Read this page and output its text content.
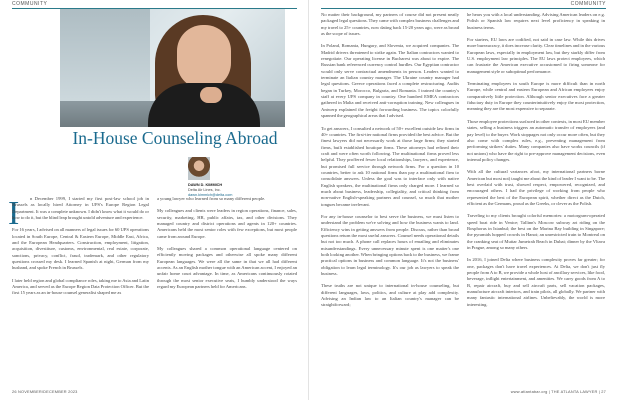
COMMUNITY
In-House Counseling Abroad
DAWN D. KIMMICH
Delta Air Lines, Inc.
dawn.kimmich@delta.com
I	n December 1999, I started my first post-law school job in Brussels as locally hired Attorney in UPS's Europe Region Legal Department. It was a complete unknown. I didn't know what it would do or how to do it, but the blind leap brought untold adventure and experience.

For 16 years, I advised on all manners of legal issues for 60 UPS operations located in South Europe, Central & Eastern Europe, Middle East, Africa, and the European Headquarters. Construction, employment, litigation, acquisition, divestiture, customs, environmental, real estate, corporate, sanctions, privacy, conflict, fraud, trademark, and other regulatory questions crossed my desk. I learned Spanish at night, German from my husband, and spoke French in Brussels.

I later held region and global compliance roles, taking me to Asia and Latin America, and served as the Europe Region Data Protection Officer. But the first 15 years as an in-house counsel generalist shaped me as

a young lawyer who learned from so many different people.

My colleagues and clients were leaders in region operations, finance, sales, security, marketing, HR, public affairs, tax, and other divisions. They managed country and district operations and agents in 120+ countries. Americans held the most senior roles with few exceptions, but most people came from around Europe.

My colleagues shared a common operational language centered on efficiently moving packages and otherwise all spoke many different European languages. We were all the same in that we all had different accents. As an English mother tongue with an American accent, I enjoyed an unfair home court advantage. In time, as Americans continuously rotated through the most senior executive seats, I humbly understood the ways regard my European partners held for Americans.

26 NOVEMBER/DECEMBER 2023
COMMUNITY

No matter their background, my partners of course did not present neatly packaged legal questions. They came with complex business challenges and my travel to 25+ countries, now dating back 15-20 years ago, were as broad as the scope of issues.

In Poland, Romania, Hungary, and Slovenia, we acquired companies. The Madrid drivers threatened to strike again. The Italian contractors wanted to renegotiate. Our operating license in Bucharest was about to expire. The Russian bank referenced currency control hurdles. Our Egyptian contractor would only serve contractual amendments in person. Leaders wanted to terminate an Italian country manager. The Ukraine country manager had legal questions. Greece operations faced a complete restructuring. Audits began in Turkey, Morocco, Bulgaria, and Romania. I trained the country's staff at every UPS company in country. One hundred EMEA contractors gathered in Malta and received anti-corruption training. New colleagues in Antwerp explained the freight forwarding business. The topics colorfully spanned the geographical areas that I advised.

To get answers, I consulted a network of 50+ excellent outside law firms in 40+ countries. The first-tier national firms provided the best advice. But the finest lawyers did not necessarily work at those large firms; they started firms, built established boutique firms. These attorneys had refined their craft and were often worth following. The multinational firms proved less helpful. They proffered fewer local relationships, lawyers, and experience, but promised full service through network firms. For a question in 10 countries, better to ask 10 national firms than pay a multinational firm to consolidate answers. Unless the goal was to interface only with native English speakers, the multinational firms only charged more. I learned so much about business, leadership, collegiality, and critical thinking from non-native English-speaking partners and counsel, so much that mother tongues became irrelevant.

For any in-house counselor to best serve the business, we must listen to understand the problem we're solving and how the business wants to land. Efficiency wins in getting answers from people. Discuss, rather than broad questions return the most useful answers. Counsel needs operational details but not too much. A phone call replaces hours of emailing and eliminates misunderstandings. Every unnecessary minute spent is one matter's one both looking another. When bringing options back to the business, we frame practical options in business and common language. It's not the business' obligation to learn legal terminology. It's our job as lawyers to speak the business.

These truths are not unique to international in-house counseling, but different languages, laws, politics, and culture at play add complexity. Advising an Indian law to an Italian country's manager can be straightforward;

he hears you with a local understanding. Advising American leaders on e.g. Polish or Spanish law requires next level proficiency in speaking in business terms.

For starters, EU laws are codified, not said in case law. While this drives more bureaucracy, it does increase clarity. Clear timelines and in the various European laws, especially in employment law, but they starkly differ from U.S. employment law principles. The EU laws protect employees, which can frustrate the American executive accustomed to firing someone for management style or suboptimal performance.

Terminating employees in south Europe is more difficult than in north Europe, while central and eastern European and African employees enjoy comparatively little protection. Although senior executives face a greater fiduciary duty in Europe they counterintuitively enjoy the most protection, meaning they are the most expensive to separate.

Those employee protections surfaced in other contexts, in most EU member states, selling a business triggers an automatic transfer of employees (and pay level) to the buyer. Work stoppages not only occur more often, but they also come with complex rules, e.g., preventing management from performing strikers' duties. Many companies also have works councils (if not unions) who have the right to pre-approve management decisions, even internal policy changes.

With all the cultural variances afoot, my international partners borne American but most not) taught me about the kind of leader I want to be. The best overlaid with trust, showed respect, empowered, recognized, and encouraged others. I had the privilege of working from people who represented the best of the European spirit, whether direct as the Dutch, efficient as the Germans, proud as the Greeks, or clever as the Polish.

Traveling to my clients brought colorful memories: a motorgram-operated speed boat ride in Venice; Tallinn's Moscow subway art riding on the Bosphorus in Istanbul; the best on the Marina Bay building in Singapore; the pyramids hopped crowds in Hanoi; an unrestricted train to Montreal on the cranking seat of Muttar Jumeirah Beach in Dubai; dinner by the Vltava in Prague, among so many others.

In 2016, I joined Delta where business complexity proves far greater; for one, packages don't have travel experiences. At Delta, we don't just fly people from A to B, we provide a whole host of ancillary services, like food, beverage, inflight entertainment, and amenities. We carry goods from A to B, repair aircraft, buy and sell aircraft parts, sell vacation packages, manufacture aircraft interiors, and train pilots, all globally. We partner with many fantastic international airlines. Unbelievably, the world is more interesting.

www.atlantabar.org | THE ATLANTA LAWYER | 27
